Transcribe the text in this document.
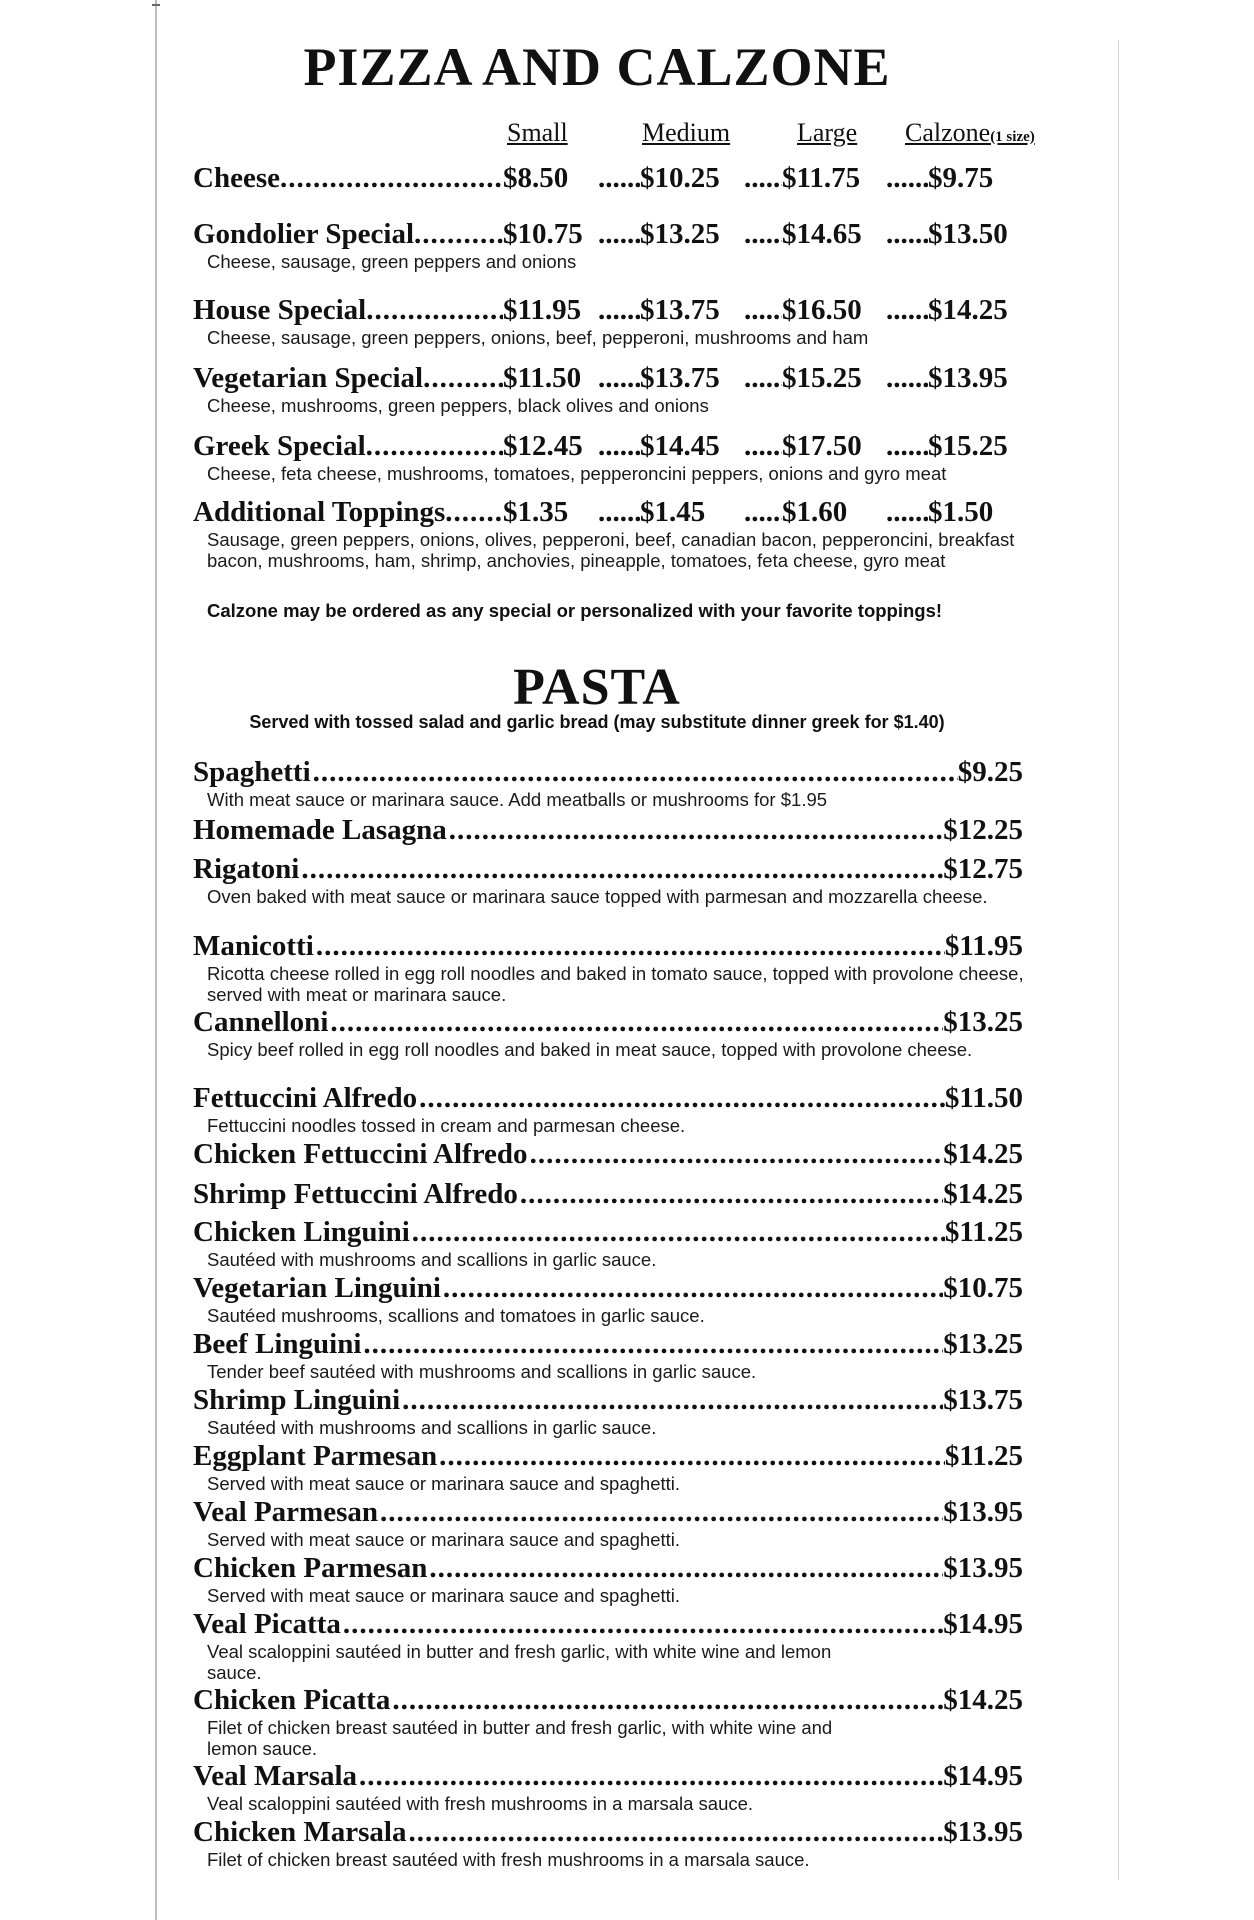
PIZZA AND CALZONE
Small	Medium	Large Calzone(1 size)
Cheese
.....	$8.50 ......	$10.25 ......	$11.75 ........	$9.75
Gondolier Special
.....	$10.75 ......	$13.25 ......	$14.65 ........	$13.50
Cheese, sausage, green peppers and onions
House Special
.....	$11.95 ......	$13.75 ......	$16.50 ........	$14.25
Cheese, sausage, green peppers, onions, beef, pepperoni, mushrooms and ham
Vegetarian Special
.....	$11.50 ......	$13.75 ......	$15.25 ........	$13.95
Cheese, mushrooms, green peppers, black olives and onions
Greek Special
.....	$12.45 ......	$14.45 ......	$17.50 ........	$15.25
Cheese, feta cheese, mushrooms, tomatoes, pepperoncini peppers, onions and gyro meat
Additional Toppings
..... $1.35 ......	$1.45 ......	$1.60 ........	$1.50
Sausage, green peppers, onions, olives, pepperoni, beef, canadian bacon, pepperoncini, breakfast bacon, mushrooms, ham, shrimp, anchovies, pineapple, tomatoes, feta cheese, gyro meat
Calzone may be ordered as any special or personalized with your favorite toppings!
PASTA
Served with tossed salad and garlic bread (may substitute dinner greek for $1.40)
Spaghetti .....	$9.25
With meat sauce or marinara sauce. Add meatballs or mushrooms for $1.95
Homemade Lasagna .....	$12.25
Rigatoni .....	$12.75
Oven baked with meat sauce or marinara sauce topped with parmesan and mozzarella cheese.
Manicotti .....	$11.95
Ricotta cheese rolled in egg roll noodles and baked in tomato sauce, topped with provolone cheese, served with meat or marinara sauce.
Cannelloni .....	$13.25
Spicy beef rolled in egg roll noodles and baked in meat sauce, topped with provolone cheese.
Fettuccini Alfredo .....	$11.50
Fettuccini noodles tossed in cream and parmesan cheese.
Chicken Fettuccini Alfredo .....	$14.25
Shrimp Fettuccini Alfredo .....	$14.25
Chicken Linguini .....	$11.25
Sautéed with mushrooms and scallions in garlic sauce.
Vegetarian Linguini .....	$10.75
Sautéed mushrooms, scallions and tomatoes in garlic sauce.
Beef Linguini .....	$13.25
Tender beef sautéed with mushrooms and scallions in garlic sauce.
Shrimp Linguini .....	$13.75
Sautéed with mushrooms and scallions in garlic sauce.
Eggplant Parmesan .....	$11.25
Served with meat sauce or marinara sauce and spaghetti.
Veal Parmesan .....	$13.95
Served with meat sauce or marinara sauce and spaghetti.
Chicken Parmesan .....	$13.95
Served with meat sauce or marinara sauce and spaghetti.
Veal Picatta .....	$14.95
Veal scaloppini sautéed in butter and fresh garlic, with white wine and lemon sauce.
Chicken Picatta .....	$14.25
Filet of chicken breast sautéed in butter and fresh garlic, with white wine and lemon sauce.
Veal Marsala .....	$14.95
Veal scaloppini sautéed with fresh mushrooms in a marsala sauce.
Chicken Marsala .....	$13.95
Filet of chicken breast sautéed with fresh mushrooms in a marsala sauce.
